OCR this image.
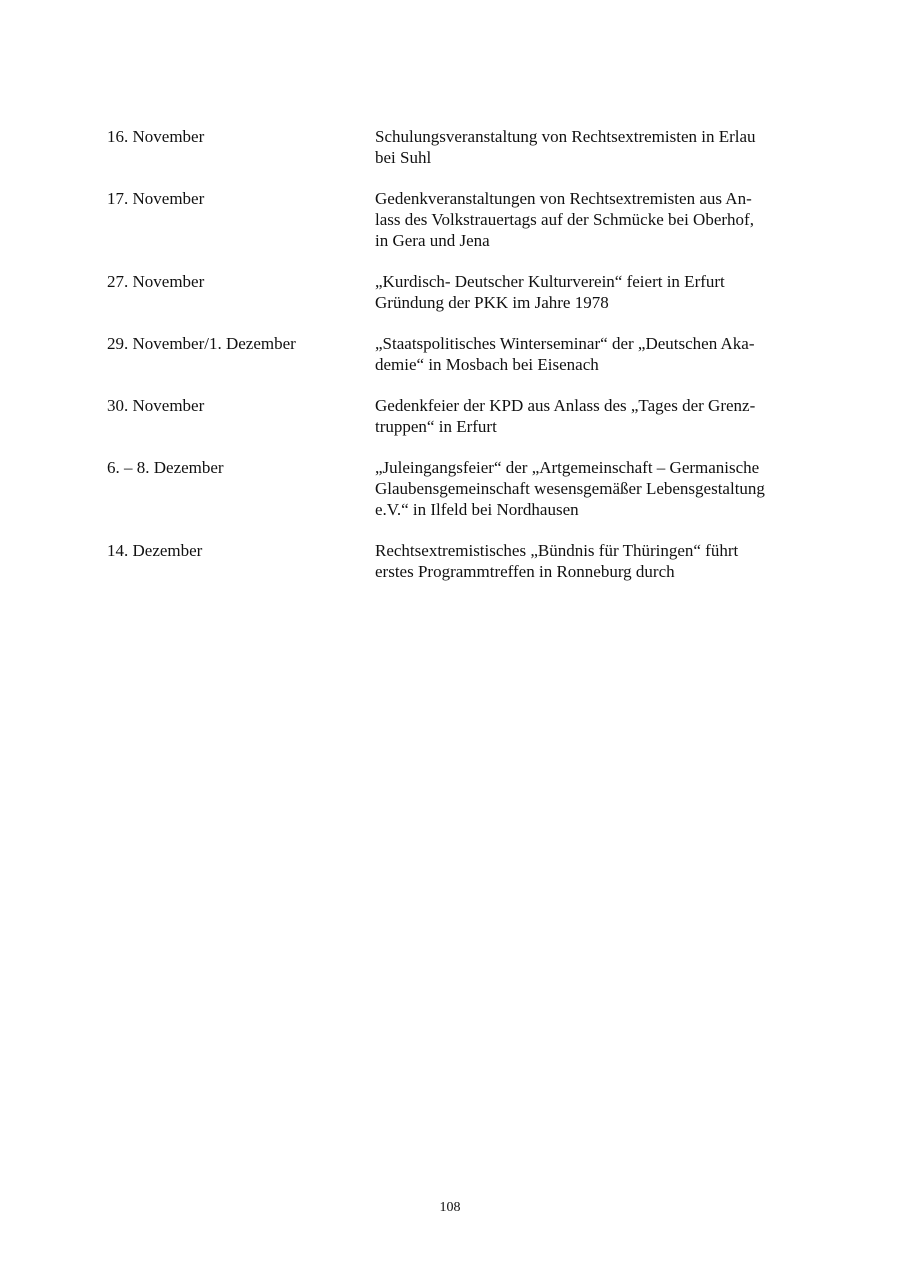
16. November	Schulungsveranstaltung von Rechtsextremisten in Erlau
bei Suhl
17. November	Gedenkveranstaltungen von Rechtsextremisten aus An-
lass des Volkstrauertags auf der Schmücke bei Oberhof,
in Gera und Jena
27. November	„Kurdisch- Deutscher Kulturverein“ feiert in Erfurt
Gründung der PKK im Jahre 1978
29. November/1. Dezember	„Staatspolitisches Winterseminar“ der „Deutschen Aka-
demie“ in Mosbach bei Eisenach
30. November	Gedenkfeier der KPD aus Anlass des „Tages der Grenz-
truppen“ in Erfurt
6. – 8. Dezember	„Juleingangsfeier“ der „Artgemeinschaft – Germanische
Glaubensgemeinschaft wesensgemäßer Lebensgestaltung
e.V.“ in Ilfeld bei Nordhausen
14. Dezember	Rechtsextremistisches „Bündnis für Thüringen“ führt
erstes Programmtreffen in Ronneburg durch
108
